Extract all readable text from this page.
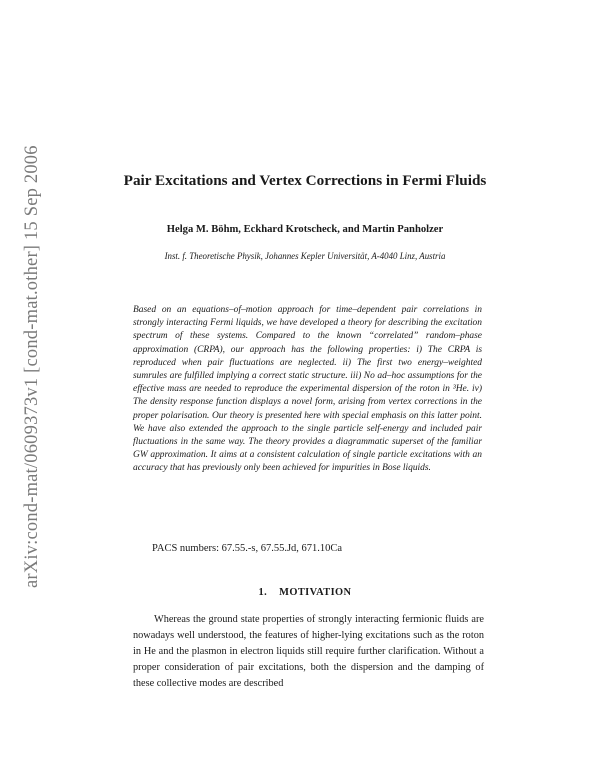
arXiv:cond-mat/0609373v1 [cond-mat.other] 15 Sep 2006	Pair Excitations and Vertex Corrections in Fermi Fluids
Helga M. Böhm, Eckhard Krotscheck, and Martin Panholzer
Inst. f. Theoretische Physik, Johannes Kepler Universität, A-4040 Linz, Austria
Based on an equations–of–motion approach for time–dependent pair correlations in strongly interacting Fermi liquids, we have developed a theory for describing the excitation spectrum of these systems. Compared to the known “correlated” random–phase approximation (CRPA), our approach has the following properties: i) The CRPA is reproduced when pair fluctuations are neglected. ii) The first two energy–weighted sumrules are fulfilled implying a correct static structure. iii) No ad–hoc assumptions for the effective mass are needed to reproduce the experimental dispersion of the roton in ³He. iv) The density response function displays a novel form, arising from vertex corrections in the proper polarisation. Our theory is presented here with special emphasis on this latter point. We have also extended the approach to the single particle self-energy and included pair fluctuations in the same way. The theory provides a diagrammatic superset of the familiar GW approximation. It aims at a consistent calculation of single particle excitations with an accuracy that has previously only been achieved for impurities in Bose liquids.
PACS numbers: 67.55.-s, 67.55.Jd, 671.10Ca
1. MOTIVATION
Whereas the ground state properties of strongly interacting fermionic fluids are nowadays well understood, the features of higher-lying excitations such as the roton in He and the plasmon in electron liquids still require further clarification. Without a proper consideration of pair excitations, both the dispersion and the damping of these collective modes are described
